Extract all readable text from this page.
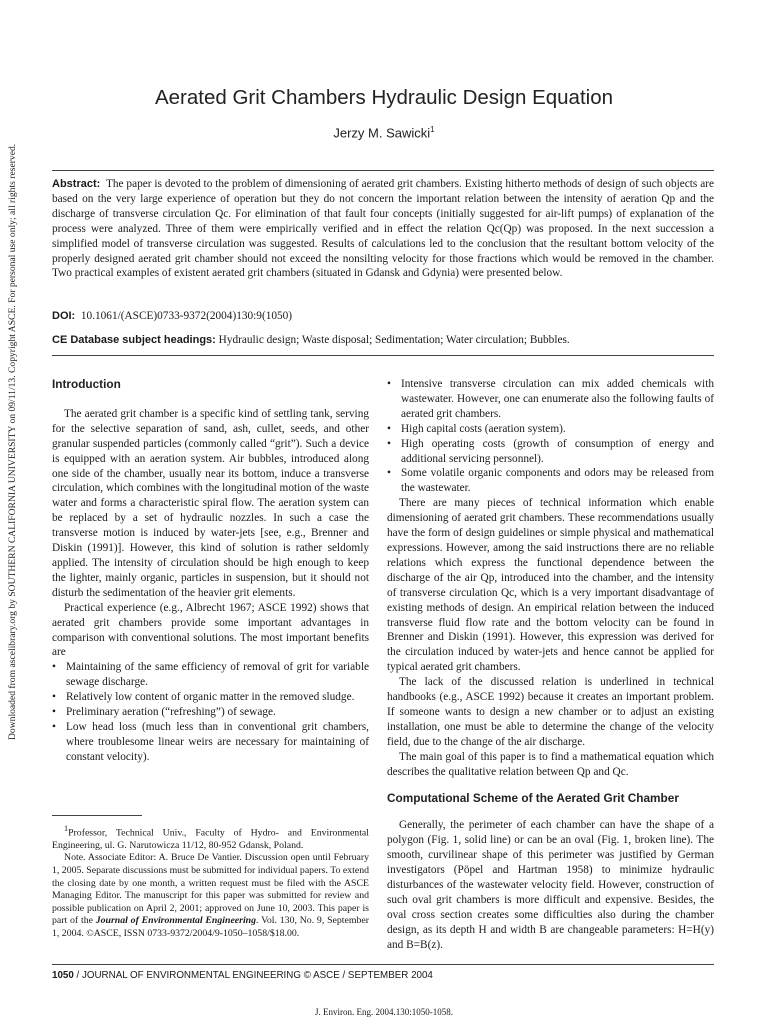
Downloaded from ascelibrary.org by SOUTHERN CALIFORNIA UNIVERSITY on 09/11/13. Copyright ASCE. For personal use only; all rights reserved.
Aerated Grit Chambers Hydraulic Design Equation
Jerzy M. Sawicki$^1$
Abstract: The paper is devoted to the problem of dimensioning of aerated grit chambers. Existing hitherto methods of design of such objects are based on the very large experience of operation but they do not concern the important relation between the intensity of aeration Qp and the discharge of transverse circulation Qc. For elimination of that fault four concepts (initially suggested for air-lift pumps) of explanation of the process were analyzed. Three of them were empirically verified and in effect the relation Qc(Qp) was proposed. In the next succession a simplified model of transverse circulation was suggested. Results of calculations led to the conclusion that the resultant bottom velocity of the properly designed aerated grit chamber should not exceed the nonsilting velocity for those fractions which would be removed in the chamber. Two practical examples of existent aerated grit chambers (situated in Gdansk and Gdynia) were presented below.
DOI: 10.1061/(ASCE)0733-9372(2004)130:9(1050)
CE Database subject headings: Hydraulic design; Waste disposal; Sedimentation; Water circulation; Bubbles.
Introduction

The aerated grit chamber is a specific kind of settling tank, serving for the selective separation of sand, ash, cullet, seeds, and other granular suspended particles (commonly called “grit”). Such a device is equipped with an aeration system. Air bubbles, introduced along one side of the chamber, usually near its bottom, induce a transverse circulation, which combines with the longitudinal motion of the waste water and forms a characteristic spiral flow. The aeration system can be replaced by a set of hydraulic nozzles. In such a case the transverse motion is induced by water-jets [see, e.g., Brenner and Diskin (1991)]. However, this kind of solution is rather seldomly applied. The intensity of circulation should be high enough to keep the lighter, mainly organic, particles in suspension, but it should not disturb the sedimentation of the heavier grit elements.

Practical experience (e.g., Albrecht 1967; ASCE 1992) shows that aerated grit chambers provide some important advantages in comparison with conventional solutions. The most important benefits are

• Maintaining of the same efficiency of removal of grit for variable sewage discharge.
• Relatively low content of organic matter in the removed sludge.
• Preliminary aeration (“refreshing”) of sewage.
• Low head loss (much less than in conventional grit chambers, where troublesome linear weirs are necessary for maintaining of constant velocity).

$^1$Professor, Technical Univ., Faculty of Hydro- and Environmental Engineering, ul. G. Narutowicza 11/12, 80-952 Gdansk, Poland.

Note. Associate Editor: A. Bruce De Vantier. Discussion open until February 1, 2005. Separate discussions must be submitted for individual papers. To extend the closing date by one month, a written request must be filed with the ASCE Managing Editor. The manuscript for this paper was submitted for review and possible publication on April 2, 2001; approved on June 10, 2003. This paper is part of the Journal of Environmental Engineering. Vol. 130, No. 9, September 1, 2004. ©ASCE, ISSN 0733-9372/2004/9-1050–1058/$18.00.

• Intensive transverse circulation can mix added chemicals with wastewater. However, one can enumerate also the following faults of aerated grit chambers.
• High capital costs (aeration system).
• High operating costs (growth of consumption of energy and additional servicing personnel).
• Some volatile organic components and odors may be released from the wastewater.

There are many pieces of technical information which enable dimensioning of aerated grit chambers. These recommendations usually have the form of design guidelines or simple physical and mathematical expressions. However, among the said instructions there are no reliable relations which express the functional dependence between the discharge of the air Qp, introduced into the chamber, and the intensity of transverse circulation Qc, which is a very important disadvantage of existing methods of design. An empirical relation between the induced transverse fluid flow rate and the bottom velocity can be found in Brenner and Diskin (1991). However, this expression was derived for the circulation induced by water-jets and hence cannot be applied for typical aerated grit chambers.

The lack of the discussed relation is underlined in technical handbooks (e.g., ASCE 1992) because it creates an important problem. If someone wants to design a new chamber or to adjust an existing installation, one must be able to determine the change of the velocity field, due to the change of the air discharge.

The main goal of this paper is to find a mathematical equation which describes the qualitative relation between Qp and Qc.

Computational Scheme of the Aerated Grit Chamber

Generally, the perimeter of each chamber can have the shape of a polygon (Fig. 1, solid line) or can be an oval (Fig. 1, broken line). The smooth, curvilinear shape of this perimeter was justified by German investigators (Pöpel and Hartman 1958) to minimize hydraulic disturbances of the wastewater velocity field. However, construction of such oval grit chambers is more difficult and expensive. Besides, the oval cross section creates some difficulties also during the chamber design, as its depth H and width B are changeable parameters: H=H(y) and B=B(z).

1050 / JOURNAL OF ENVIRONMENTAL ENGINEERING © ASCE / SEPTEMBER 2004
J. Environ. Eng. 2004.130:1050-1058.
